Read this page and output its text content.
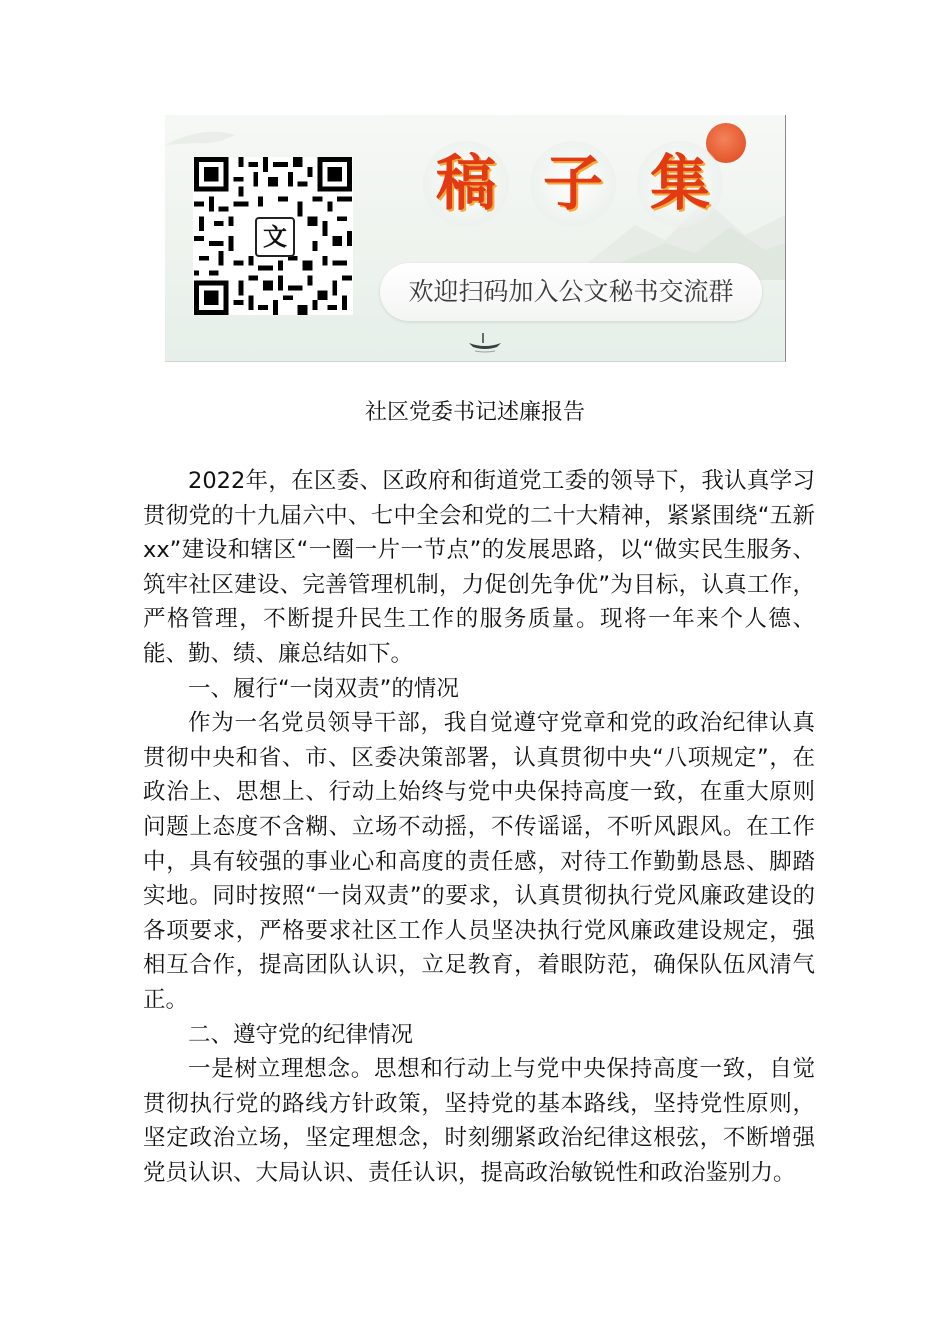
文
稿 子 集
欢迎扫码加入公文秘书交流群
社区党委书记述廉报告

2022年，在区委、区政府和街道党工委的领导下，我认真学习贯彻党的十九届六中、七中全会和党的二十大精神，紧紧围绕“五新xx”建设和辖区“一圈一片一节点”的发展思路，以“做实民生服务、筑牢社区建设、完善管理机制，力促创先争优”为目标，认真工作，严格管理，不断提升民生工作的服务质量。现将一年来个人德、能、勤、绩、廉总结如下。

一、履行“一岗双责”的情况

作为一名党员领导干部，我自觉遵守党章和党的政治纪律认真贯彻中央和省、市、区委决策部署，认真贯彻中央“八项规定”，在政治上、思想上、行动上始终与党中央保持高度一致，在重大原则问题上态度不含糊、立场不动摇，不传谣谣，不听风跟风。在工作中，具有较强的事业心和高度的责任感，对待工作勤勤恳恳、脚踏实地。同时按照“一岗双责”的要求，认真贯彻执行党风廉政建设的各项要求，严格要求社区工作人员坚决执行党风廉政建设规定，强相互合作，提高团队认识，立足教育，着眼防范，确保队伍风清气正。

二、遵守党的纪律情况

一是树立理想念。思想和行动上与党中央保持高度一致，自觉贯彻执行党的路线方针政策，坚持党的基本路线，坚持党性原则，坚定政治立场，坚定理想念，时刻绷紧政治纪律这根弦，不断增强党员认识、大局认识、责任认识，提高政治敏锐性和政治鉴别力。
